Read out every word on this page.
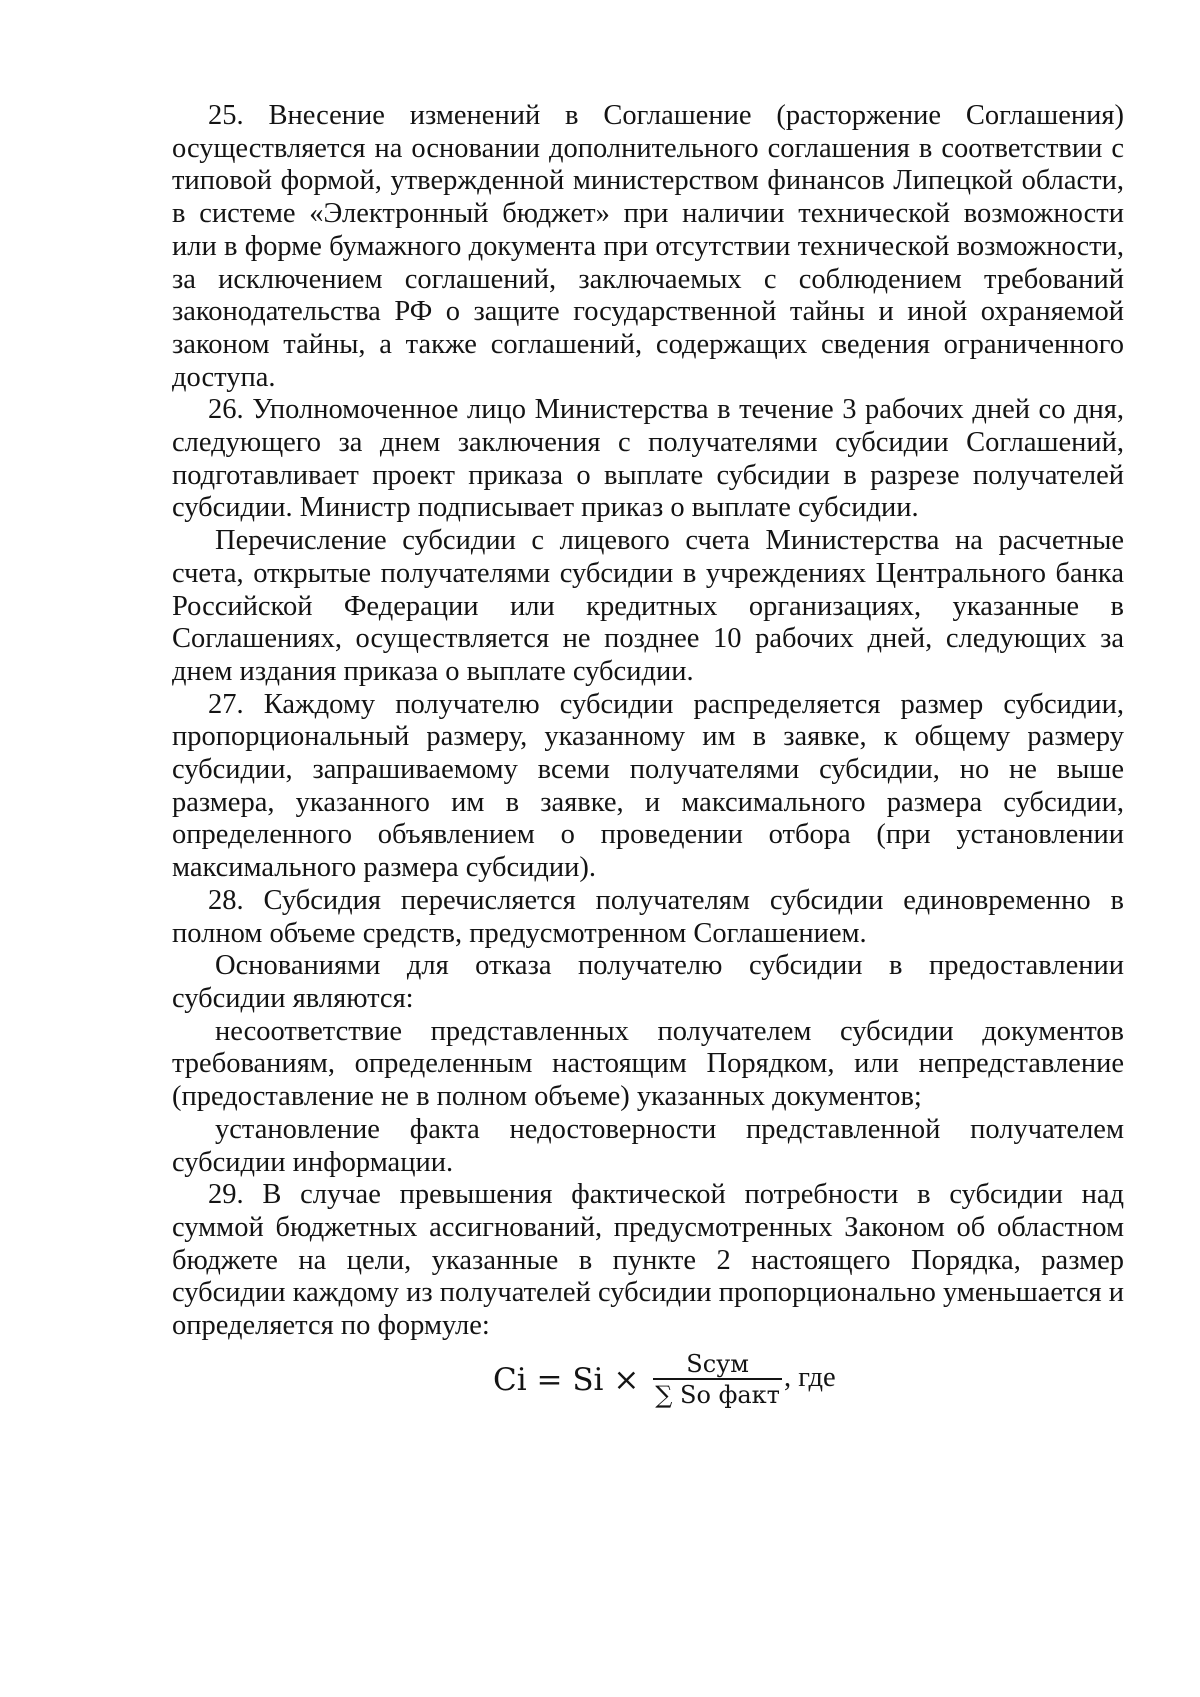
25. Внесение изменений в Соглашение (расторжение Соглашения) осуществляется на основании дополнительного соглашения в соответствии с типовой формой, утвержденной министерством финансов Липецкой области, в системе «Электронный бюджет» при наличии технической возможности или в форме бумажного документа при отсутствии технической возможности, за исключением соглашений, заключаемых с соблюдением требований законодательства РФ о защите государственной тайны и иной охраняемой законом тайны, а также соглашений, содержащих сведения ограниченного доступа.

26. Уполномоченное лицо Министерства в течение 3 рабочих дней со дня, следующего за днем заключения с получателями субсидии Соглашений, подготавливает проект приказа о выплате субсидии в разрезе получателей субсидии. Министр подписывает приказ о выплате субсидии.

Перечисление субсидии с лицевого счета Министерства на расчетные счета, открытые получателями субсидии в учреждениях Центрального банка Российской Федерации или кредитных организациях, указанные в Соглашениях, осуществляется не позднее 10 рабочих дней, следующих за днем издания приказа о выплате субсидии.

27. Каждому получателю субсидии распределяется размер субсидии, пропорциональный размеру, указанному им в заявке, к общему размеру субсидии, запрашиваемому всеми получателями субсидии, но не выше размера, указанного им в заявке, и максимального размера субсидии, определенного объявлением о проведении отбора (при установлении максимального размера субсидии).

28. Субсидия перечисляется получателям субсидии единовременно в полном объеме средств, предусмотренном Соглашением.

Основаниями для отказа получателю субсидии в предоставлении субсидии являются:

несоответствие представленных получателем субсидии документов требованиям, определенным настоящим Порядком, или непредставление (предоставление не в полном объеме) указанных документов;

установление факта недостоверности представленной получателем субсидии информации.

29. В случае превышения фактической потребности в субсидии над суммой бюджетных ассигнований, предусмотренных Законом об областном бюджете на цели, указанные в пункте 2 настоящего Порядка, размер субсидии каждому из получателей субсидии пропорционально уменьшается и определяется по формуле:

$Ci = Si \times \frac{\text{Sсум}}{\text{∑ So факт}}$ , где
